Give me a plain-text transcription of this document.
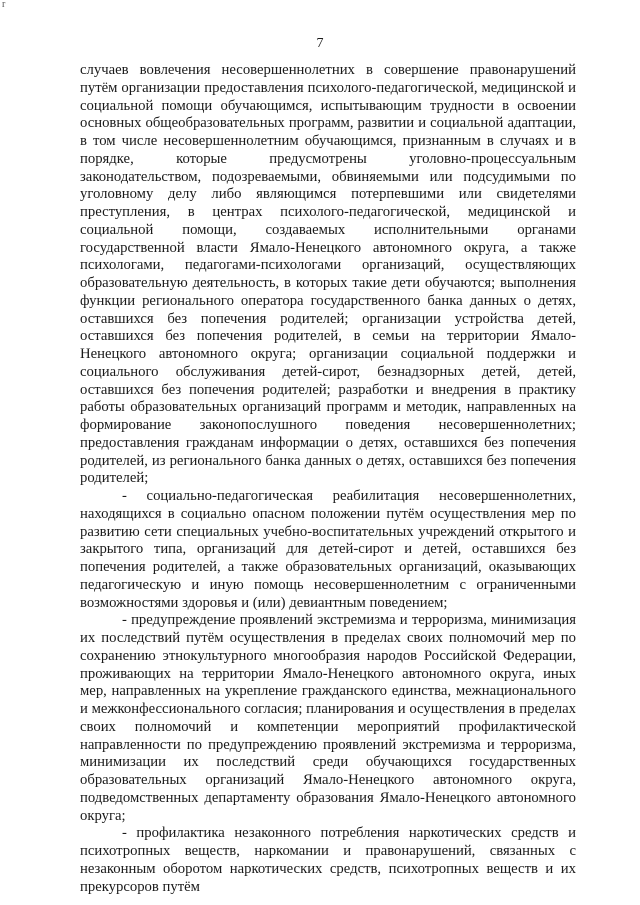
r
7

случаев вовлечения несовершеннолетних в совершение правонарушений путём организации предоставления психолого-педагогической, медицинской и социальной помощи обучающимся, испытывающим трудности в освоении основных общеобразовательных программ, развитии и социальной адаптации, в том числе несовершеннолетним обучающимся, признанным в случаях и в порядке, которые предусмотрены уголовно-процессуальным законодательством, подозреваемыми, обвиняемыми или подсудимыми по уголовному делу либо являющимся потерпевшими или свидетелями преступления, в центрах психолого-педагогической, медицинской и социальной помощи, создаваемых исполнительными органами государственной власти Ямало-Ненецкого автономного округа, а также психологами, педагогами-психологами организаций, осуществляющих образовательную деятельность, в которых такие дети обучаются; выполнения функции регионального оператора государственного банка данных о детях, оставшихся без попечения родителей; организации устройства детей, оставшихся без попечения родителей, в семьи на территории Ямало-Ненецкого автономного округа; организации социальной поддержки и социального обслуживания детей-сирот, безнадзорных детей, детей, оставшихся без попечения родителей; разработки и внедрения в практику работы образовательных организаций программ и методик, направленных на формирование законопослушного поведения несовершеннолетних; предоставления гражданам информации о детях, оставшихся без попечения родителей, из регионального банка данных о детях, оставшихся без попечения родителей;

- социально-педагогическая реабилитация несовершеннолетних, находящихся в социально опасном положении путём осуществления мер по развитию сети специальных учебно-воспитательных учреждений открытого и закрытого типа, организаций для детей-сирот и детей, оставшихся без попечения родителей, а также образовательных организаций, оказывающих педагогическую и иную помощь несовершеннолетним с ограниченными возможностями здоровья и (или) девиантным поведением;

- предупреждение проявлений экстремизма и терроризма, минимизация их последствий путём осуществления в пределах своих полномочий мер по сохранению этнокультурного многообразия народов Российской Федерации, проживающих на территории Ямало-Ненецкого автономного округа, иных мер, направленных на укрепление гражданского единства, межнационального и межконфессионального согласия; планирования и осуществления в пределах своих полномочий и компетенции мероприятий профилактической направленности по предупреждению проявлений экстремизма и терроризма, минимизации их последствий среди обучающихся государственных образовательных организаций Ямало-Ненецкого автономного округа, подведомственных департаменту образования Ямало-Ненецкого автономного округа;

- профилактика незаконного потребления наркотических средств и психотропных веществ, наркомании и правонарушений, связанных с незаконным оборотом наркотических средств, психотропных веществ и их прекурсоров путём
